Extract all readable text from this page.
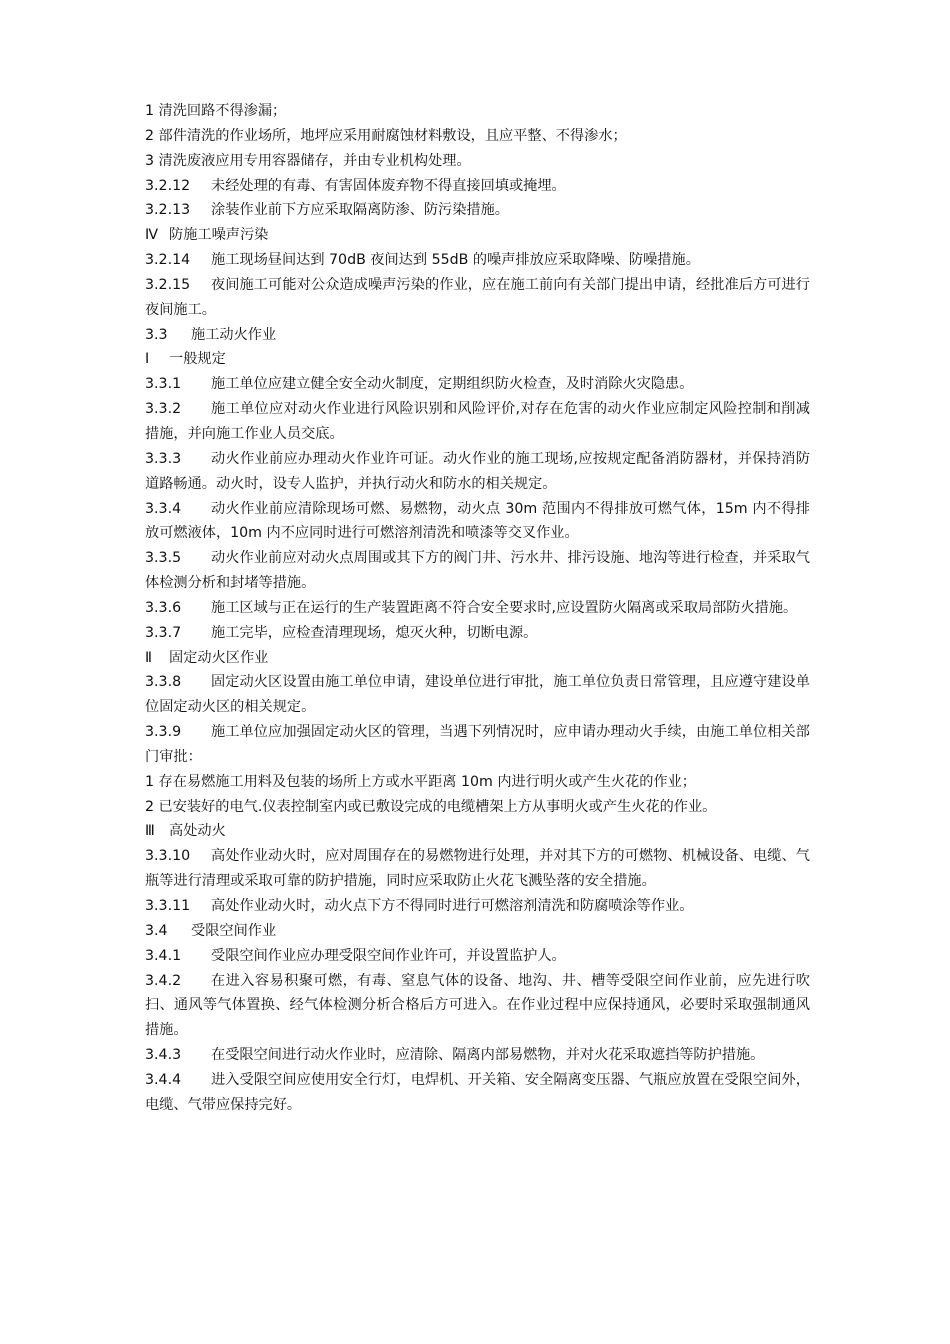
1 清洗回路不得渗漏；
2 部件清洗的作业场所，地坪应采用耐腐蚀材料敷设，且应平整、不得渗水；
3 清洗废液应用专用容器储存，并由专业机构处理。
3.2.12	未经处理的有毒、有害固体废弃物不得直接回填或掩埋。
3.2.13	涂装作业前下方应采取隔离防渗、防污染措施。
Ⅳ 防施工噪声污染
3.2.14	施工现场昼间达到 70dB 夜间达到 55dB 的噪声排放应采取降噪、防噪措施。
3.2.15	夜间施工可能对公众造成噪声污染的作业，应在施工前向有关部门提出申请，经批准后方可进行夜间施工。
3.3 施工动火作业
Ⅰ 一般规定
3.3.1	施工单位应建立健全安全动火制度，定期组织防火检查，及时消除火灾隐患。
3.3.2	施工单位应对动火作业进行风险识别和风险评价,对存在危害的动火作业应制定风险控制和削减措施，并向施工作业人员交底。
3.3.3	动火作业前应办理动火作业许可证。动火作业的施工现场,应按规定配备消防器材，并保持消防道路畅通。动火时，设专人监护，并执行动火和防水的相关规定。
3.3.4	动火作业前应清除现场可燃、易燃物，动火点 30m 范围内不得排放可燃气体，15m 内不得排放可燃液体，10m 内不应同时进行可燃溶剂清洗和喷漆等交叉作业。
3.3.5	动火作业前应对动火点周围或其下方的阀门井、污水井、排污设施、地沟等进行检查，并采取气体检测分析和封堵等措施。
3.3.6	施工区域与正在运行的生产装置距离不符合安全要求时,应设置防火隔离或采取局部防火措施。
3.3.7	施工完毕，应检查清理现场，熄灭火种，切断电源。
Ⅱ 固定动火区作业
3.3.8	固定动火区设置由施工单位申请，建设单位进行审批，施工单位负责日常管理，且应遵守建设单位固定动火区的相关规定。
3.3.9	施工单位应加强固定动火区的管理，当遇下列情况时，应申请办理动火手续，由施工单位相关部门审批：
1 存在易燃施工用料及包装的场所上方或水平距离 10m 内进行明火或产生火花的作业；
2 已安装好的电气.仪表控制室内或已敷设完成的电缆槽架上方从事明火或产生火花的作业。
Ⅲ 高处动火
3.3.10	高处作业动火时，应对周围存在的易燃物进行处理，并对其下方的可燃物、机械设备、电缆、气瓶等进行清理或采取可靠的防护措施，同时应采取防止火花飞溅坠落的安全措施。
3.3.11	高处作业动火时，动火点下方不得同时进行可燃溶剂清洗和防腐喷涂等作业。
3.4 受限空间作业
3.4.1	受限空间作业应办理受限空间作业许可，并设置监护人。
3.4.2	在进入容易积聚可燃，有毒、窒息气体的设备、地沟、井、槽等受限空间作业前，应先进行吹扫、通风等气体置换、经气体检测分析合格后方可进入。在作业过程中应保持通风，必要时采取强制通风措施。
3.4.3	在受限空间进行动火作业时，应清除、隔离内部易燃物，并对火花采取遮挡等防护措施。
3.4.4	进入受限空间应使用安全行灯，电焊机、开关箱、安全隔离变压器、气瓶应放置在受限空间外，电缆、气带应保持完好。
